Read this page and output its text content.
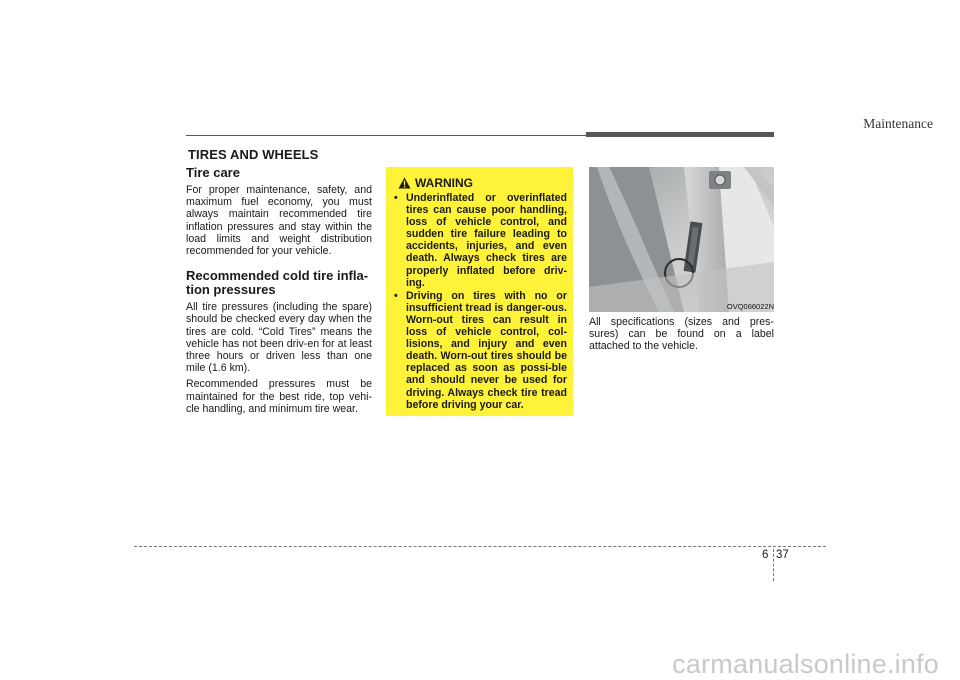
Maintenance
TIRES AND WHEELS
Tire care

For proper maintenance, safety, and maximum fuel economy, you must always maintain recommended tire inflation pressures and stay within the load limits and weight distribution recommended for your vehicle.

Recommended cold tire infla-
tion pressures

All tire pressures (including the spare) should be checked every day when the tires are cold. “Cold Tires” means the vehicle has not been driv-en for at least three hours or driven less than one mile (1.6 km).

Recommended pressures must be maintained for the best ride, top vehi-cle handling, and minimum tire wear.

WARNING
• Underinflated or overinflated tires can cause poor handling, loss of vehicle control, and sudden tire failure leading to accidents, injuries, and even death. Always check tires are properly inflated before driv-ing.
• Driving on tires with no or insufficient tread is danger-ous. Worn-out tires can result in loss of vehicle control, col-lisions, and injury and even death. Worn-out tires should be replaced as soon as possi-ble and should never be used for driving. Always check tire tread before driving your car.
OVQ066022N

All specifications (sizes and pres-sures) can be found on a label attached to the vehicle.

6 37
carmanualsonline.info
